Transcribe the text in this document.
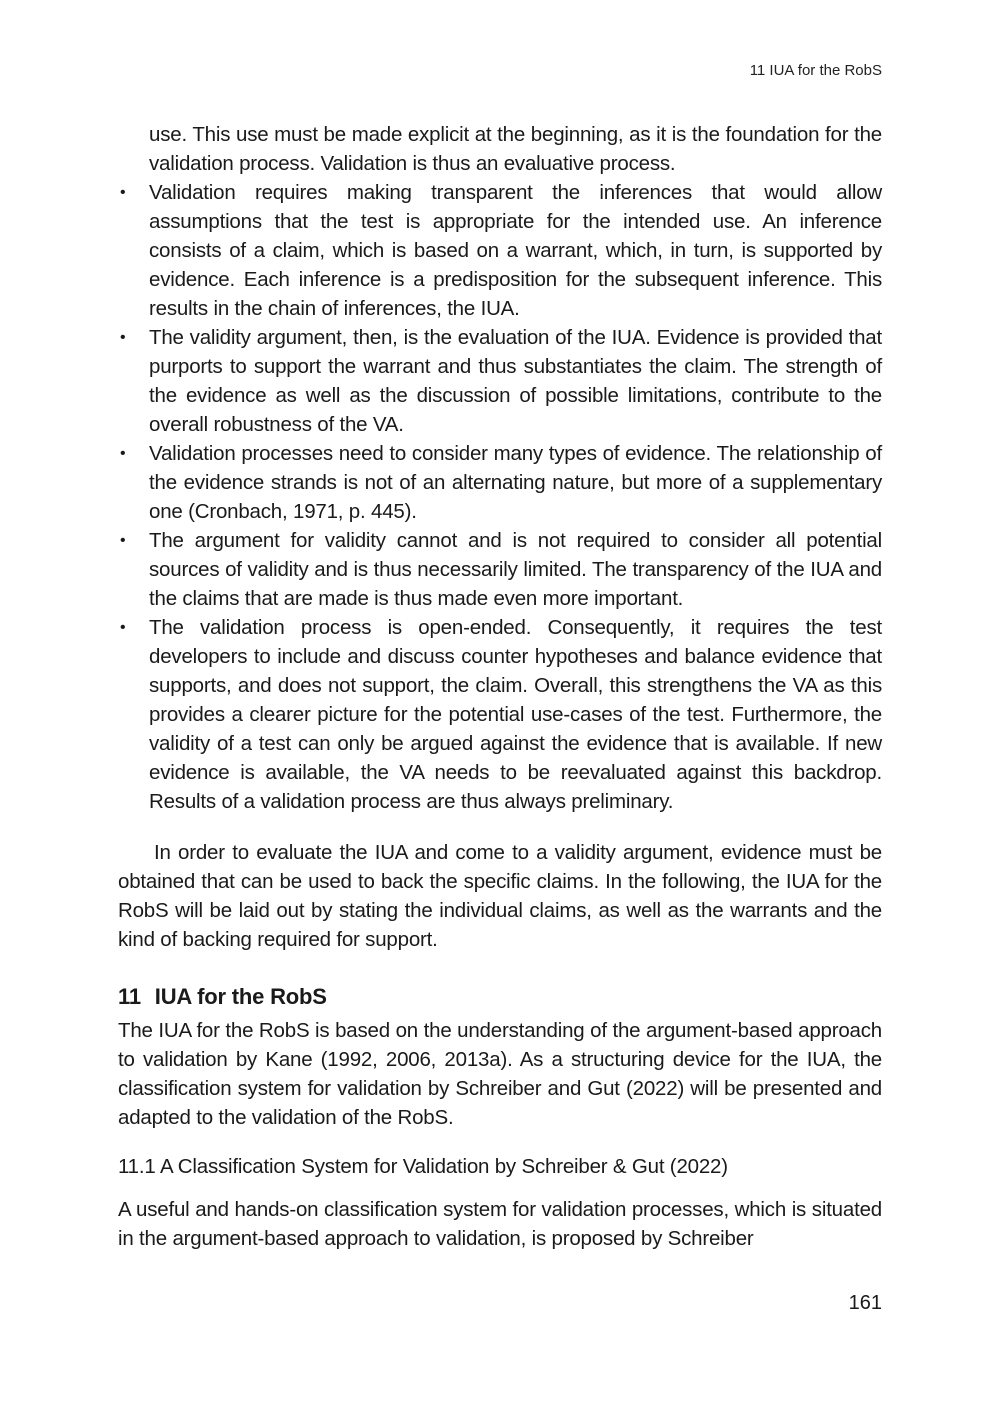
11 IUA for the RobS
use. This use must be made explicit at the beginning, as it is the foundation for the validation process. Validation is thus an evaluative process.
• Validation requires making transparent the inferences that would allow assumptions that the test is appropriate for the intended use. An inference consists of a claim, which is based on a warrant, which, in turn, is supported by evidence. Each inference is a predisposition for the subsequent inference. This results in the chain of inferences, the IUA.
• The validity argument, then, is the evaluation of the IUA. Evidence is provided that purports to support the warrant and thus substantiates the claim. The strength of the evidence as well as the discussion of possible limitations, contribute to the overall robustness of the VA.
• Validation processes need to consider many types of evidence. The relationship of the evidence strands is not of an alternating nature, but more of a supplementary one (Cronbach, 1971, p. 445).
• The argument for validity cannot and is not required to consider all potential sources of validity and is thus necessarily limited. The transparency of the IUA and the claims that are made is thus made even more important.
• The validation process is open-ended. Consequently, it requires the test developers to include and discuss counter hypotheses and balance evidence that supports, and does not support, the claim. Overall, this strengthens the VA as this provides a clearer picture for the potential use-cases of the test. Furthermore, the validity of a test can only be argued against the evidence that is available. If new evidence is available, the VA needs to be reevaluated against this backdrop. Results of a validation process are thus always preliminary.

In order to evaluate the IUA and come to a validity argument, evidence must be obtained that can be used to back the specific claims. In the following, the IUA for the RobS will be laid out by stating the individual claims, as well as the warrants and the kind of backing required for support.

11 IUA for the RobS

The IUA for the RobS is based on the understanding of the argument-based approach to validation by Kane (1992, 2006, 2013a). As a structuring device for the IUA, the classification system for validation by Schreiber and Gut (2022) will be presented and adapted to the validation of the RobS.

11.1 A Classification System for Validation by Schreiber & Gut (2022)

A useful and hands-on classification system for validation processes, which is situated in the argument-based approach to validation, is proposed by Schreiber

161
